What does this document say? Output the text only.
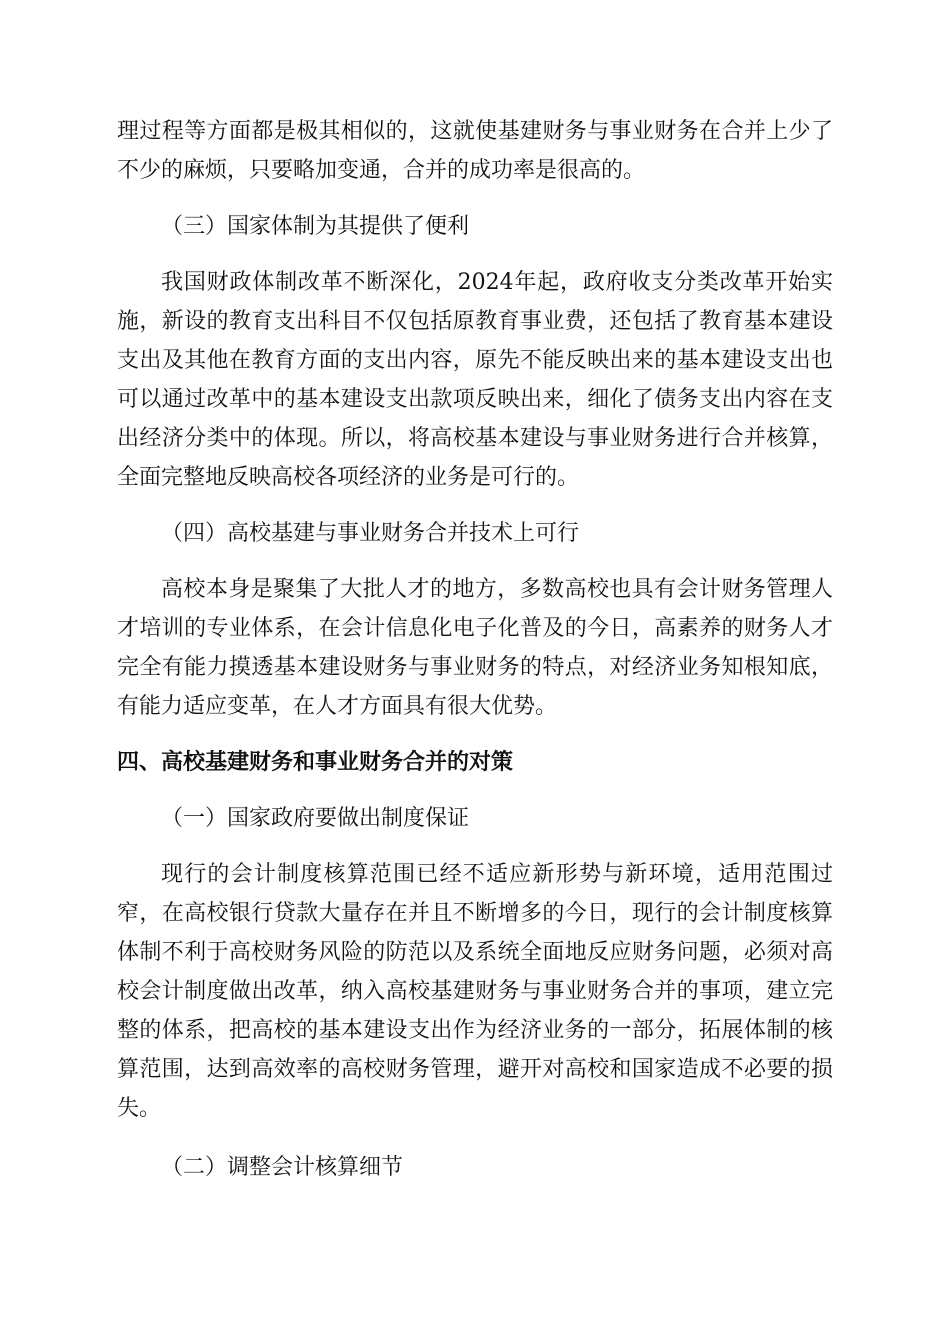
理过程等方面都是极其相似的，这就使基建财务与事业财务在合并上少了不少的麻烦，只要略加变通，合并的成功率是很高的。

（三）国家体制为其提供了便利

我国财政体制改革不断深化，2024年起，政府收支分类改革开始实施，新设的教育支出科目不仅包括原教育事业费，还包括了教育基本建设支出及其他在教育方面的支出内容，原先不能反映出来的基本建设支出也可以通过改革中的基本建设支出款项反映出来，细化了债务支出内容在支出经济分类中的体现。所以，将高校基本建设与事业财务进行合并核算，全面完整地反映高校各项经济的业务是可行的。

（四）高校基建与事业财务合并技术上可行

高校本身是聚集了大批人才的地方，多数高校也具有会计财务管理人才培训的专业体系，在会计信息化电子化普及的今日，高素养的财务人才完全有能力摸透基本建设财务与事业财务的特点，对经济业务知根知底，有能力适应变革，在人才方面具有很大优势。

四、高校基建财务和事业财务合并的对策

（一）国家政府要做出制度保证

现行的会计制度核算范围已经不适应新形势与新环境，适用范围过窄，在高校银行贷款大量存在并且不断增多的今日，现行的会计制度核算体制不利于高校财务风险的防范以及系统全面地反应财务问题，必须对高校会计制度做出改革，纳入高校基建财务与事业财务合并的事项，建立完整的体系，把高校的基本建设支出作为经济业务的一部分，拓展体制的核算范围，达到高效率的高校财务管理，避开对高校和国家造成不必要的损失。

（二）调整会计核算细节
